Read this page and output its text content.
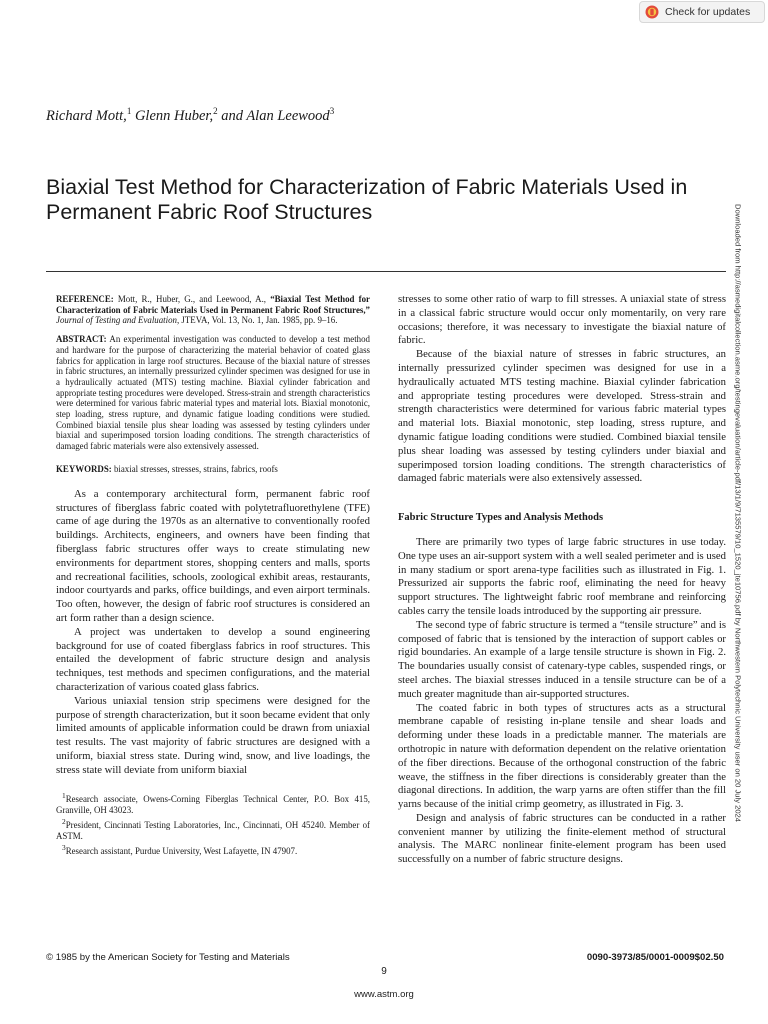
Check for updates
Richard Mott,$^1$ Glenn Huber,$^2$ and Alan Leewood$^3$
Biaxial Test Method for Characterization of Fabric Materials Used in Permanent Fabric Roof Structures	Downloaded from http://asmedigitalcollection.asme.org/testingevaluation/article-pdf/13/1/9/7135579/10_1520_jte10756.pdf by Northwestern Polytechnic University user on 20 July 2024

REFERENCE: Mott, R., Huber, G., and Leewood, A., “Biaxial Test Method for Characterization of Fabric Materials Used in Permanent Fabric Roof Structures,” Journal of Testing and Evaluation, JTEVA, Vol. 13, No. 1, Jan. 1985, pp. 9–16.

ABSTRACT: An experimental investigation was conducted to develop a test method and hardware for the purpose of characterizing the material behavior of coated glass fabrics for application in large roof structures. Because of the biaxial nature of stresses in fabric structures, an internally pressurized cylinder specimen was designed for use in a hydraulically actuated (MTS) testing machine. Biaxial cylinder fabrication and appropriate testing procedures were developed. Stress-strain and strength characteristics were determined for various fabric material types and material lots. Biaxial monotonic, step loading, stress rupture, and dynamic fatigue loading conditions were studied. Combined biaxial tensile plus shear loading was assessed by testing cylinders under biaxial and superimposed torsion loading conditions. The strength characteristics of damaged fabric materials were also extensively assessed.

KEYWORDS: biaxial stresses, stresses, strains, fabrics, roofs

As a contemporary architectural form, permanent fabric roof structures of fiberglass fabric coated with polytetrafluorethylene (TFE) came of age during the 1970s as an alternative to conventionally roofed buildings. Architects, engineers, and owners have been finding that fiberglass fabric structures offer ways to create stimulating new environments for department stores, shopping centers and malls, sports and recreational facilities, schools, zoological exhibit areas, restaurants, indoor courtyards and parks, office buildings, and even airport terminals. Too often, however, the design of fabric roof structures is considered an art form rather than a design science.

A project was undertaken to develop a sound engineering background for use of coated fiberglass fabrics in roof structures. This entailed the development of fabric structure design and analysis techniques, test methods and specimen configurations, and the material characterization of various coated glass fabrics.

Various uniaxial tension strip specimens were designed for the purpose of strength characterization, but it soon became evident that only limited amounts of applicable information could be drawn from uniaxial test results. The vast majority of fabric structures are designed with a uniform, biaxial stress state. During wind, snow, and live loadings, the stress state will deviate from uniform biaxial

$^1$Research associate, Owens-Corning Fiberglas Technical Center, P.O. Box 415, Granville, OH 43023.

$^2$President, Cincinnati Testing Laboratories, Inc., Cincinnati, OH 45240. Member of ASTM.

$^3$Research assistant, Purdue University, West Lafayette, IN 47907.

stresses to some other ratio of warp to fill stresses. A uniaxial state of stress in a classical fabric structure would occur only momentarily, on very rare occasions; therefore, it was necessary to investigate the biaxial nature of fabric.

Because of the biaxial nature of stresses in fabric structures, an internally pressurized cylinder specimen was designed for use in a hydraulically actuated MTS testing machine. Biaxial cylinder fabrication and appropriate testing procedures were developed. Stress-strain and strength characteristics were determined for various fabric material types and material lots. Biaxial monotonic, step loading, stress rupture, and dynamic fatigue loading conditions were studied. Combined biaxial tensile plus shear loading was assessed by testing cylinders under biaxial and superimposed torsion loading conditions. The strength characteristics of damaged fabric materials were also extensively assessed.

Fabric Structure Types and Analysis Methods

There are primarily two types of large fabric structures in use today. One type uses an air-support system with a well sealed perimeter and is used in many stadium or sport arena-type facilities such as illustrated in Fig. 1. Pressurized air supports the fabric roof, eliminating the need for heavy support structures. The lightweight fabric roof membrane and reinforcing cables carry the tensile loads introduced by the supporting air pressure.

The second type of fabric structure is termed a “tensile structure” and is composed of fabric that is tensioned by the interaction of support cables or rigid boundaries. An example of a large tensile structure is shown in Fig. 2. The boundaries usually consist of catenary-type cables, suspended rings, or steel arches. The biaxial stresses induced in a tensile structure can be of a much greater magnitude than air-supported structures.

The coated fabric in both types of structures acts as a structural membrane capable of resisting in-plane tensile and shear loads and deforming under these loads in a predictable manner. The materials are orthotropic in nature with deformation dependent on the relative orientation of the fiber directions. Because of the orthogonal construction of the fabric weave, the stiffness in the fiber directions is considerably greater than the diagonal directions. In addition, the warp yarns are often stiffer than the fill yarns because of the initial crimp geometry, as illustrated in Fig. 3.

Design and analysis of fabric structures can be conducted in a rather convenient manner by utilizing the finite-element method of structural analysis. The MARC nonlinear finite-element program has been used successfully on a number of fabric structure designs.

© 1985 by the American Society for Testing and Materials	0090-3973/85/0001-0009$02.50
9
www.astm.org
